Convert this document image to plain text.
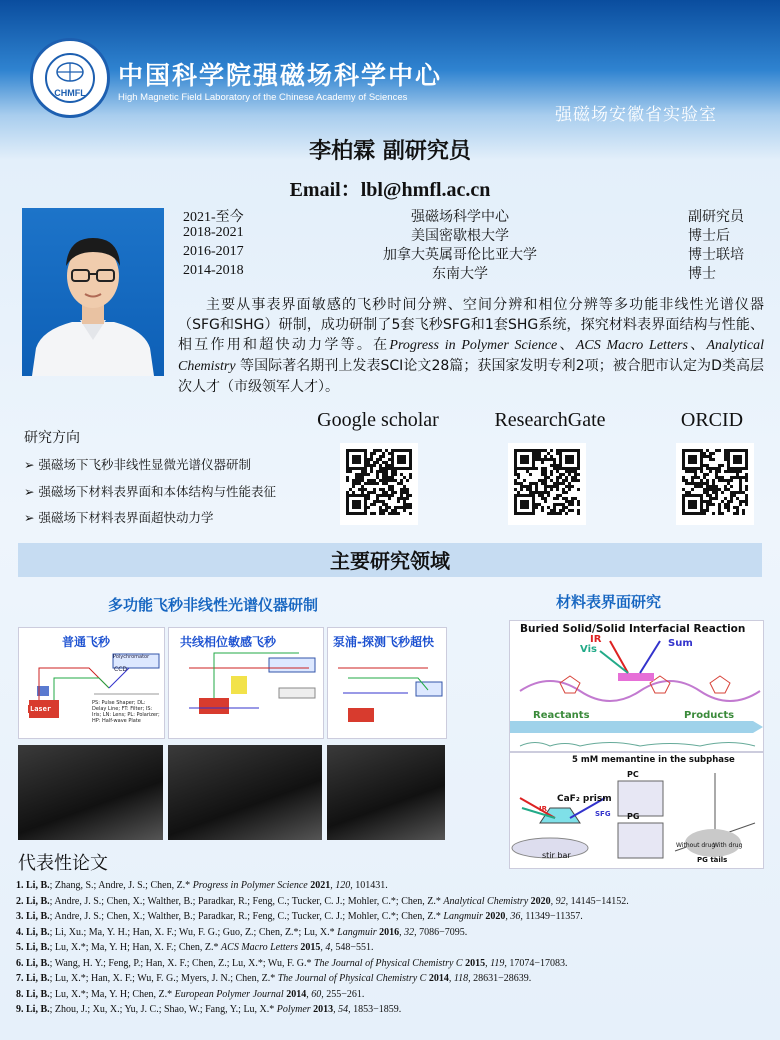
CHMFL
中国科学院强磁场科学中心
High Magnetic Field Laboratory of the Chinese Academy of Sciences
强磁场安徽省实验室
李柏霖 副研究员
Email：lbl@hmfl.ac.cn
2021-至今	强磁场科学中心	副研究员
2018-2021	美国密歇根大学	博士后
2016-2017	加拿大英属哥伦比亚大学	博士联培
2014-2018	东南大学	博士
主要从事表界面敏感的飞秒时间分辨、空间分辨和相位分辨等多功能非线性光谱仪器（SFG和SHG）研制，成功研制了5套飞秒SFG和1套SHG系统，探究材料表界面结构与性能、相互作用和超快动力学等。在Progress in Polymer Science、ACS Macro Letters、Analytical Chemistry 等国际著名期刊上发表SCI论文28篇；获国家发明专利2项；被合肥市认定为D类高层次人才（市级领军人才）。
研究方向
➢ 强磁场下飞秒非线性显微光谱仪器研制
➢ 强磁场下材料表界面和本体结构与性能表征
➢ 强磁场下材料表界面超快动力学
Google scholar	ResearchGate	ORCID
主要研究领域
多功能飞秒非线性光谱仪器研制	材料表界面研究
普通飞秒
Laser
CCD
Polychromator
PS: Pulse Shaper; DL: Delay Line; FT: Filter; IS: Iris; LN: Lens; PL: Polarizer; HP: Half-wave Plate
共线相位敏感飞秒	泵浦-探测飞秒超快
Buried Solid/Solid Interfacial Reaction
IR
Vis
Sum
Reactants	Products
5 mM memantine in the subphase
CaF₂ prism
IR
SFG
stir bar
PC
PG
Without drug
With drug
PG tails
代表性论文
1. Li, B.; Zhang, S.; Andre, J. S.; Chen, Z.* Progress in Polymer Science 2021, 120, 101431.
2. Li, B.; Andre, J. S.; Chen, X.; Walther, B.; Paradkar, R.; Feng, C.; Tucker, C. J.; Mohler, C.*; Chen, Z.* Analytical Chemistry 2020, 92, 14145−14152.
3. Li, B.; Andre, J. S.; Chen, X.; Walther, B.; Paradkar, R.; Feng, C.; Tucker, C. J.; Mohler, C.*; Chen, Z.* Langmuir 2020, 36, 11349−11357.
4. Li, B.; Li, Xu.; Ma, Y. H.; Han, X. F.; Wu, F. G.; Guo, Z.; Chen, Z.*; Lu, X.* Langmuir 2016, 32, 7086−7095.
5. Li, B.; Lu, X.*; Ma, Y. H; Han, X. F.; Chen, Z.* ACS Macro Letters 2015, 4, 548−551.
6. Li, B.; Wang, H. Y.; Feng, P.; Han, X. F.; Chen, Z.; Lu, X.*; Wu, F. G.* The Journal of Physical Chemistry C 2015, 119, 17074−17083.
7. Li, B.; Lu, X.*; Han, X. F.; Wu, F. G.; Myers, J. N.; Chen, Z.* The Journal of Physical Chemistry C 2014, 118, 28631−28639.
8. Li, B.; Lu, X.*; Ma, Y. H; Chen, Z.* European Polymer Journal 2014, 60, 255−261.
9. Li, B.; Zhou, J.; Xu, X.; Yu, J. C.; Shao, W.; Fang, Y.; Lu, X.* Polymer 2013, 54, 1853−1859.
